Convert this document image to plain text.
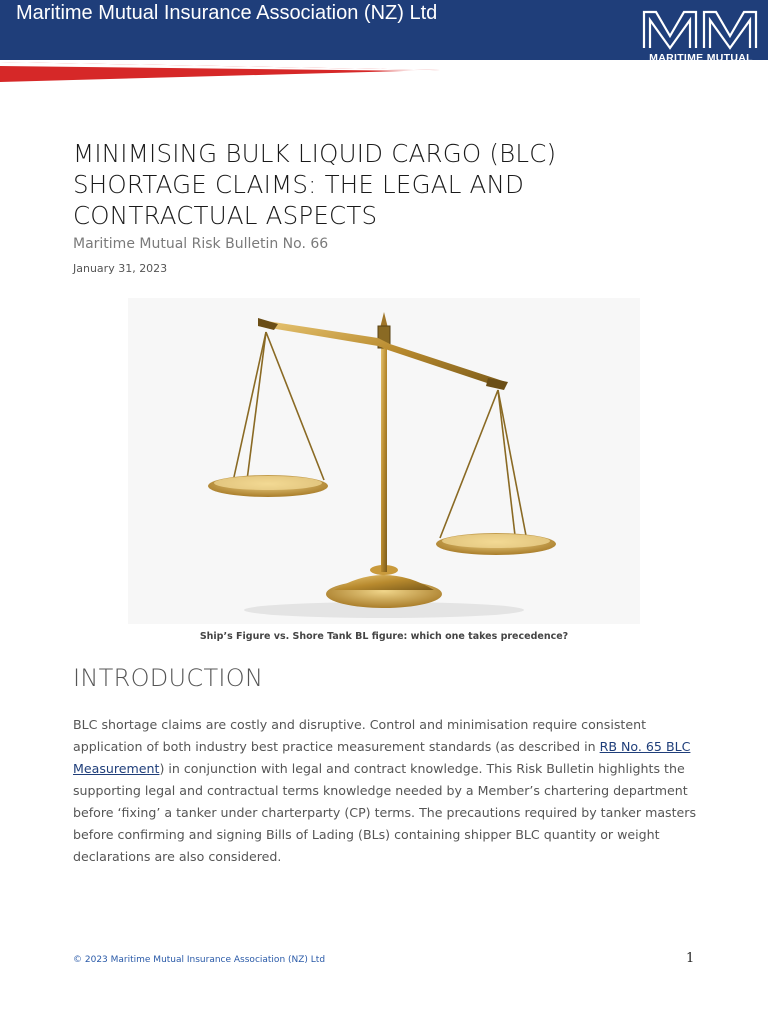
Maritime Mutual Insurance Association (NZ) Ltd
MARITIME MUTUAL
MINIMISING BULK LIQUID CARGO (BLC)
SHORTAGE CLAIMS: THE LEGAL AND
CONTRACTUAL ASPECTS
Maritime Mutual Risk Bulletin No. 66
January 31, 2023
Ship’s Figure vs. Shore Tank BL figure: which one takes precedence?
INTRODUCTION
BLC shortage claims are costly and disruptive. Control and minimisation require consistent application of both industry best practice measurement standards (as described in RB No. 65 BLC Measurement) in conjunction with legal and contract knowledge. This Risk Bulletin highlights the supporting legal and contractual terms knowledge needed by a Member’s chartering department before ‘fixing’ a tanker under charterparty (CP) terms. The precautions required by tanker masters before confirming and signing Bills of Lading (BLs) containing shipper BLC quantity or weight declarations are also considered.
© 2023 Maritime Mutual Insurance Association (NZ) Ltd	1
